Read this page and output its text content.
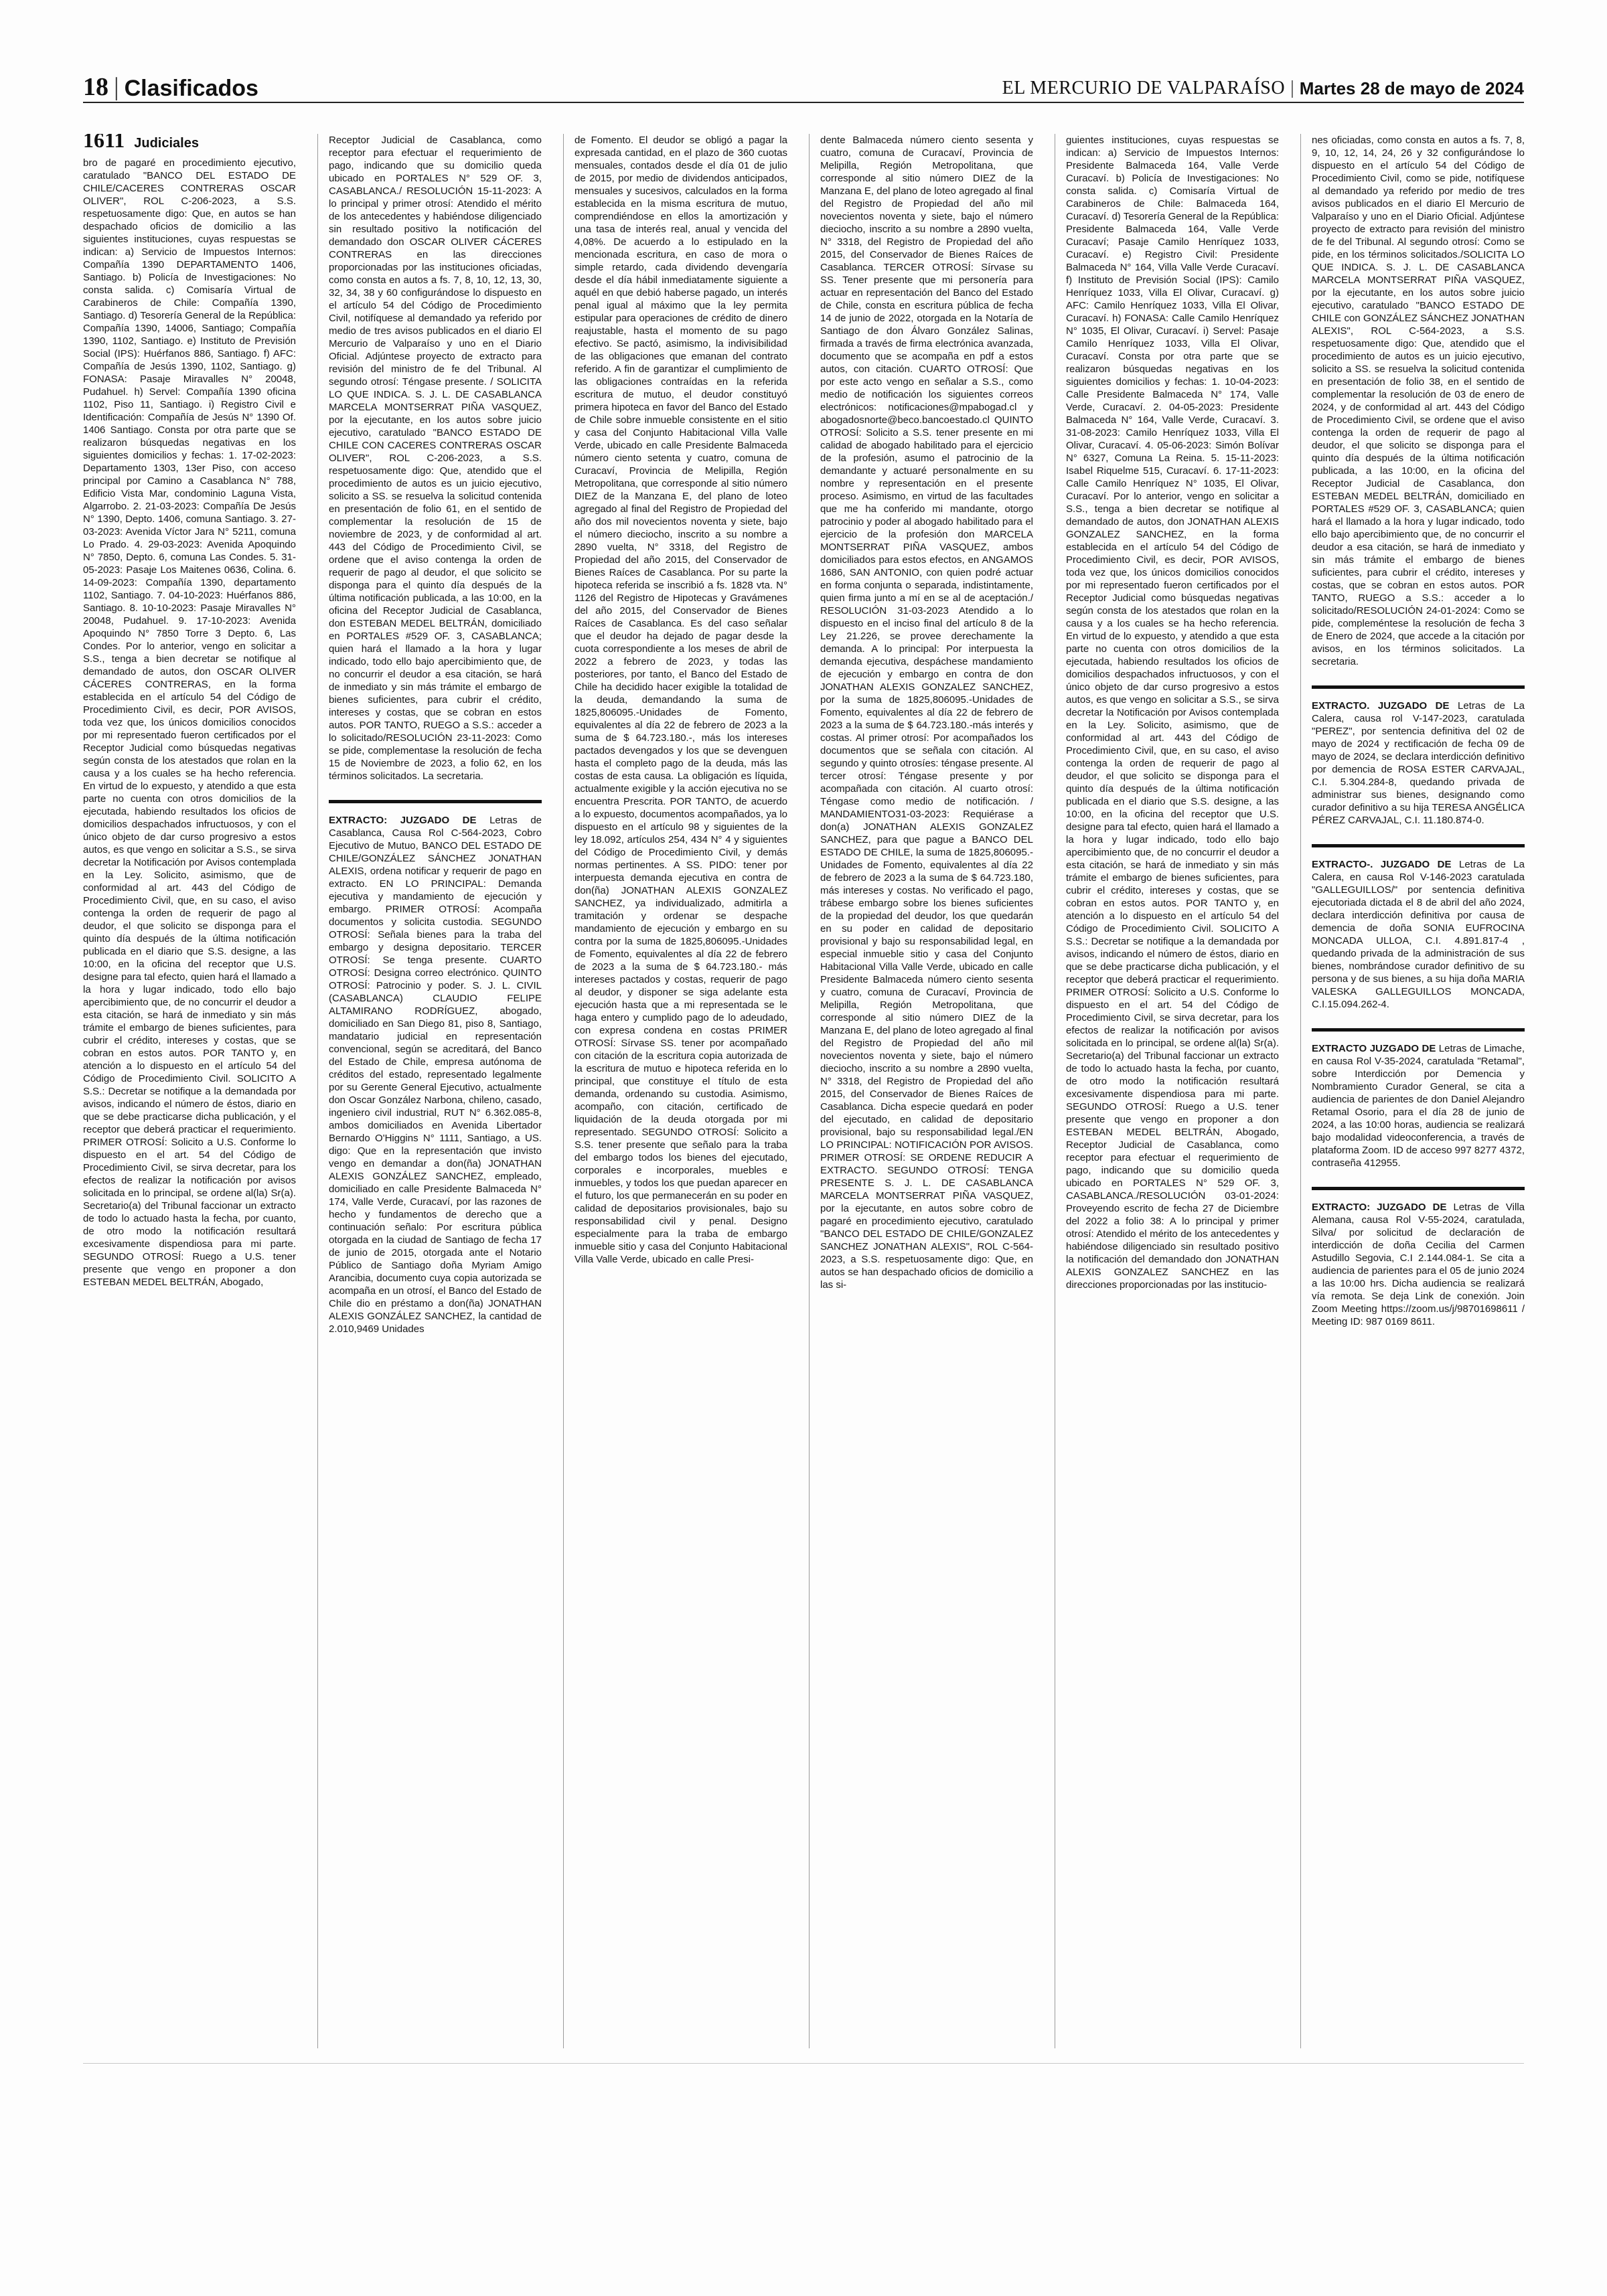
18 | Clasificados	EL MERCURIO DE VALPARAÍSO | Martes 28 de mayo de 2024
1611 Judiciales

bro de pagaré en procedimiento ejecutivo, caratulado "BANCO DEL ESTADO DE CHILE/CACERES CONTRERAS OSCAR OLIVER", ROL C-206-2023, a S.S. respetuosamente digo: Que, en autos se han despachado oficios de domicilio a las siguientes instituciones, cuyas respuestas se indican: a) Servicio de Impuestos Internos: Compañía 1390 DEPARTAMENTO 1406, Santiago. b) Policía de Investigaciones: No consta salida. c) Comisaría Virtual de Carabineros de Chile: Compañía 1390, Santiago. d) Tesorería General de la República: Compañía 1390, 14006, Santiago; Compañía 1390, 1102, Santiago. e) Instituto de Previsión Social (IPS): Huérfanos 886, Santiago. f) AFC: Compañía de Jesús 1390, 1102, Santiago. g) FONASA: Pasaje Miravalles N° 20048, Pudahuel. h) Servel: Compañía 1390 oficina 1102, Piso 11, Santiago. i) Registro Civil e Identificación: Compañía de Jesús N° 1390 Of. 1406 Santiago. Consta por otra parte que se realizaron búsquedas negativas en los siguientes domicilios y fechas: 1. 17-02-2023: Departamento 1303, 13er Piso, con acceso principal por Camino a Casablanca N° 788, Edificio Vista Mar, condominio Laguna Vista, Algarrobo. 2. 21-03-2023: Compañía De Jesús N° 1390, Depto. 1406, comuna Santiago. 3. 27-03-2023: Avenida Víctor Jara N° 5211, comuna Lo Prado. 4. 29-03-2023: Avenida Apoquindo N° 7850, Depto. 6, comuna Las Condes. 5. 31-05-2023: Pasaje Los Maitenes 0636, Colina. 6. 14-09-2023: Compañía 1390, departamento 1102, Santiago. 7. 04-10-2023: Huérfanos 886, Santiago. 8. 10-10-2023: Pasaje Miravalles N° 20048, Pudahuel. 9. 17-10-2023: Avenida Apoquindo N° 7850 Torre 3 Depto. 6, Las Condes. Por lo anterior, vengo en solicitar a S.S., tenga a bien decretar se notifique al demandado de autos, don OSCAR OLIVER CÁCERES CONTRERAS, en la forma establecida en el artículo 54 del Código de Procedimiento Civil, es decir, POR AVISOS, toda vez que, los únicos domicilios conocidos por mi representado fueron certificados por el Receptor Judicial como búsquedas negativas según consta de los atestados que rolan en la causa y a los cuales se ha hecho referencia. En virtud de lo expuesto, y atendido a que esta parte no cuenta con otros domicilios de la ejecutada, habiendo resultados los oficios de domicilios despachados infructuosos, y con el único objeto de dar curso progresivo a estos autos, es que vengo en solicitar a S.S., se sirva decretar la Notificación por Avisos contemplada en la Ley. Solicito, asimismo, que de conformidad al art. 443 del Código de Procedimiento Civil, que, en su caso, el aviso contenga la orden de requerir de pago al deudor, el que solicito se disponga para el quinto día después de la última notificación publicada en el diario que S.S. designe, a las 10:00, en la oficina del receptor que U.S. designe para tal efecto, quien hará el llamado a la hora y lugar indicado, todo ello bajo apercibimiento que, de no concurrir el deudor a esta citación, se hará de inmediato y sin más trámite el embargo de bienes suficientes, para cubrir el crédito, intereses y costas, que se cobran en estos autos. POR TANTO y, en atención a lo dispuesto en el artículo 54 del Código de Procedimiento Civil. SOLICITO A S.S.: Decretar se notifique a la demandada por avisos, indicando el número de éstos, diario en que se debe practicarse dicha publicación, y el receptor que deberá practicar el requerimiento. PRIMER OTROSÍ: Solicito a U.S. Conforme lo dispuesto en el art. 54 del Código de Procedimiento Civil, se sirva decretar, para los efectos de realizar la notificación por avisos solicitada en lo principal, se ordene al(la) Sr(a). Secretario(a) del Tribunal faccionar un extracto de todo lo actuado hasta la fecha, por cuanto, de otro modo la notificación resultará excesivamente dispendiosa para mi parte. SEGUNDO OTROSÍ: Ruego a U.S. tener presente que vengo en proponer a don ESTEBAN MEDEL BELTRÁN, Abogado,

Receptor Judicial de Casablanca, como receptor para efectuar el requerimiento de pago, indicando que su domicilio queda ubicado en PORTALES N° 529 OF. 3, CASABLANCA./ RESOLUCIÓN 15-11-2023: A lo principal y primer otrosí: Atendido el mérito de los antecedentes y habiéndose diligenciado sin resultado positivo la notificación del demandado don OSCAR OLIVER CÁCERES CONTRERAS en las direcciones proporcionadas por las instituciones oficiadas, como consta en autos a fs. 7, 8, 10, 12, 13, 30, 32, 34, 38 y 60 configurándose lo dispuesto en el artículo 54 del Código de Procedimiento Civil, notifíquese al demandado ya referido por medio de tres avisos publicados en el diario El Mercurio de Valparaíso y uno en el Diario Oficial. Adjúntese proyecto de extracto para revisión del ministro de fe del Tribunal. Al segundo otrosí: Téngase presente. / SOLICITA LO QUE INDICA. S. J. L. DE CASABLANCA MARCELA MONTSERRAT PIÑA VASQUEZ, por la ejecutante, en los autos sobre juicio ejecutivo, caratulado "BANCO ESTADO DE CHILE CON CACERES CONTRERAS OSCAR OLIVER", ROL C-206-2023, a S.S. respetuosamente digo: Que, atendido que el procedimiento de autos es un juicio ejecutivo, solicito a SS. se resuelva la solicitud contenida en presentación de folio 61, en el sentido de complementar la resolución de 15 de noviembre de 2023, y de conformidad al art. 443 del Código de Procedimiento Civil, se ordene que el aviso contenga la orden de requerir de pago al deudor, el que solicito se disponga para el quinto día después de la última notificación publicada, a las 10:00, en la oficina del Receptor Judicial de Casablanca, don ESTEBAN MEDEL BELTRÁN, domiciliado en PORTALES #529 OF. 3, CASABLANCA; quien hará el llamado a la hora y lugar indicado, todo ello bajo apercibimiento que, de no concurrir el deudor a esa citación, se hará de inmediato y sin más trámite el embargo de bienes suficientes, para cubrir el crédito, intereses y costas, que se cobran en estos autos. POR TANTO, RUEGO a S.S.: acceder a lo solicitado/RESOLUCIÓN 23-11-2023: Como se pide, complementase la resolución de fecha 15 de Noviembre de 2023, a folio 62, en los términos solicitados. La secretaria.

EXTRACTO: JUZGADO DE Letras de Casablanca, Causa Rol C-564-2023, Cobro Ejecutivo de Mutuo, BANCO DEL ESTADO DE CHILE/GONZÁLEZ SÁNCHEZ JONATHAN ALEXIS, ordena notificar y requerir de pago en extracto. EN LO PRINCIPAL: Demanda ejecutiva y mandamiento de ejecución y embargo. PRIMER OTROSÍ: Acompaña documentos y solicita custodia. SEGUNDO OTROSÍ: Señala bienes para la traba del embargo y designa depositario. TERCER OTROSÍ: Se tenga presente. CUARTO OTROSÍ: Designa correo electrónico. QUINTO OTROSÍ: Patrocinio y poder. S. J. L. CIVIL (CASABLANCA) CLAUDIO FELIPE ALTAMIRANO RODRÍGUEZ, abogado, domiciliado en San Diego 81, piso 8, Santiago, mandatario judicial en representación convencional, según se acreditará, del Banco del Estado de Chile, empresa autónoma de créditos del estado, representado legalmente por su Gerente General Ejecutivo, actualmente don Oscar González Narbona, chileno, casado, ingeniero civil industrial, RUT N° 6.362.085-8, ambos domiciliados en Avenida Libertador Bernardo O'Higgins N° 1111, Santiago, a US. digo: Que en la representación que invisto vengo en demandar a don(ña) JONATHAN ALEXIS GONZÁLEZ SANCHEZ, empleado, domiciliado en calle Presidente Balmaceda N° 174, Valle Verde, Curacaví, por las razones de hecho y fundamentos de derecho que a continuación señalo: Por escritura pública otorgada en la ciudad de Santiago de fecha 17 de junio de 2015, otorgada ante el Notario Público de Santiago doña Myriam Amigo Arancibia, documento cuya copia autorizada se acompaña en un otrosí, el Banco del Estado de Chile dio en préstamo a don(ña) JONATHAN ALEXIS GONZÁLEZ SANCHEZ, la cantidad de 2.010,9469 Unidades

de Fomento. El deudor se obligó a pagar la expresada cantidad, en el plazo de 360 cuotas mensuales, contados desde el día 01 de julio de 2015, por medio de dividendos anticipados, mensuales y sucesivos, calculados en la forma establecida en la misma escritura de mutuo, comprendiéndose en ellos la amortización y una tasa de interés real, anual y vencida del 4,08%. De acuerdo a lo estipulado en la mencionada escritura, en caso de mora o simple retardo, cada dividendo devengaría desde el día hábil inmediatamente siguiente a aquél en que debió haberse pagado, un interés penal igual al máximo que la ley permita estipular para operaciones de crédito de dinero reajustable, hasta el momento de su pago efectivo. Se pactó, asimismo, la indivisibilidad de las obligaciones que emanan del contrato referido. A fin de garantizar el cumplimiento de las obligaciones contraídas en la referida escritura de mutuo, el deudor constituyó primera hipoteca en favor del Banco del Estado de Chile sobre inmueble consistente en el sitio y casa del Conjunto Habitacional Villa Valle Verde, ubicado en calle Presidente Balmaceda número ciento setenta y cuatro, comuna de Curacaví, Provincia de Melipilla, Región Metropolitana, que corresponde al sitio número DIEZ de la Manzana E, del plano de loteo agregado al final del Registro de Propiedad del año dos mil novecientos noventa y siete, bajo el número dieciocho, inscrito a su nombre a 2890 vuelta, N° 3318, del Registro de Propiedad del año 2015, del Conservador de Bienes Raíces de Casablanca. Por su parte la hipoteca referida se inscribió a fs. 1828 vta. N° 1126 del Registro de Hipotecas y Gravámenes del año 2015, del Conservador de Bienes Raíces de Casablanca. Es del caso señalar que el deudor ha dejado de pagar desde la cuota correspondiente a los meses de abril de 2022 a febrero de 2023, y todas las posteriores, por tanto, el Banco del Estado de Chile ha decidido hacer exigible la totalidad de la deuda, demandando la suma de 1825,806095.-Unidades de Fomento, equivalentes al día 22 de febrero de 2023 a la suma de $ 64.723.180.-, más los intereses pactados devengados y los que se devenguen hasta el completo pago de la deuda, más las costas de esta causa. La obligación es líquida, actualmente exigible y la acción ejecutiva no se encuentra Prescrita. POR TANTO, de acuerdo a lo expuesto, documentos acompañados, ya lo dispuesto en el artículo 98 y siguientes de la ley 18.092, artículos 254, 434 N° 4 y siguientes del Código de Procedimiento Civil, y demás normas pertinentes. A SS. PIDO: tener por interpuesta demanda ejecutiva en contra de don(ña) JONATHAN ALEXIS GONZALEZ SANCHEZ, ya individualizado, admitirla a tramitación y ordenar se despache mandamiento de ejecución y embargo en su contra por la suma de 1825,806095.-Unidades de Fomento, equivalentes al día 22 de febrero de 2023 a la suma de $ 64.723.180.- más intereses pactados y costas, requerir de pago al deudor, y disponer se siga adelante esta ejecución hasta que a mi representada se le haga entero y cumplido pago de lo adeudado, con expresa condena en costas PRIMER OTROSÍ: Sírvase SS. tener por acompañado con citación de la escritura copia autorizada de la escritura de mutuo e hipoteca referida en lo principal, que constituye el título de esta demanda, ordenando su custodia. Asimismo, acompaño, con citación, certificado de liquidación de la deuda otorgada por mi representado. SEGUNDO OTROSÍ: Solicito a S.S. tener presente que señalo para la traba del embargo todos los bienes del ejecutado, corporales e incorporales, muebles e inmuebles, y todos los que puedan aparecer en el futuro, los que permanecerán en su poder en calidad de depositarios provisionales, bajo su responsabilidad civil y penal. Designo especialmente para la traba de embargo inmueble sitio y casa del Conjunto Habitacional Villa Valle Verde, ubicado en calle Presi-

dente Balmaceda número ciento sesenta y cuatro, comuna de Curacaví, Provincia de Melipilla, Región Metropolitana, que corresponde al sitio número DIEZ de la Manzana E, del plano de loteo agregado al final del Registro de Propiedad del año mil novecientos noventa y siete, bajo el número dieciocho, inscrito a su nombre a 2890 vuelta, N° 3318, del Registro de Propiedad del año 2015, del Conservador de Bienes Raíces de Casablanca. TERCER OTROSÍ: Sírvase su SS. Tener presente que mi personería para actuar en representación del Banco del Estado de Chile, consta en escritura pública de fecha 14 de junio de 2022, otorgada en la Notaría de Santiago de don Álvaro González Salinas, firmada a través de firma electrónica avanzada, documento que se acompaña en pdf a estos autos, con citación. CUARTO OTROSÍ: Que por este acto vengo en señalar a S.S., como medio de notificación los siguientes correos electrónicos: notificaciones@mpabogad.cl y abogadosnorte@beco.bancoestado.cl QUINTO OTROSÍ: Solicito a S.S. tener presente en mi calidad de abogado habilitado para el ejercicio de la profesión, asumo el patrocinio de la demandante y actuaré personalmente en su nombre y representación en el presente proceso. Asimismo, en virtud de las facultades que me ha conferido mi mandante, otorgo patrocinio y poder al abogado habilitado para el ejercicio de la profesión don MARCELA MONTSERRAT PIÑA VASQUEZ, ambos domiciliados para estos efectos, en ANGAMOS 1686, SAN ANTONIO, con quien podré actuar en forma conjunta o separada, indistintamente, quien firma junto a mí en se al de aceptación./ RESOLUCIÓN 31-03-2023 Atendido a lo dispuesto en el inciso final del artículo 8 de la Ley 21.226, se provee derechamente la demanda. A lo principal: Por interpuesta la demanda ejecutiva, despáchese mandamiento de ejecución y embargo en contra de don JONATHAN ALEXIS GONZALEZ SANCHEZ, por la suma de 1825,806095.-Unidades de Fomento, equivalentes al día 22 de febrero de 2023 a la suma de $ 64.723.180.-más interés y costas. Al primer otrosí: Por acompañados los documentos que se señala con citación. Al segundo y quinto otrosíes: téngase presente. Al tercer otrosí: Téngase presente y por acompañada con citación. Al cuarto otrosí: Téngase como medio de notificación. / MANDAMIENTO31-03-2023: Requiérase a don(a) JONATHAN ALEXIS GONZALEZ SANCHEZ, para que pague a BANCO DEL ESTADO DE CHILE, la suma de 1825,806095.-Unidades de Fomento, equivalentes al día 22 de febrero de 2023 a la suma de $ 64.723.180, más intereses y costas. No verificado el pago, trábese embargo sobre los bienes suficientes de la propiedad del deudor, los que quedarán en su poder en calidad de depositario provisional y bajo su responsabilidad legal, en especial inmueble sitio y casa del Conjunto Habitacional Villa Valle Verde, ubicado en calle Presidente Balmaceda número ciento sesenta y cuatro, comuna de Curacaví, Provincia de Melipilla, Región Metropolitana, que corresponde al sitio número DIEZ de la Manzana E, del plano de loteo agregado al final del Registro de Propiedad del año mil novecientos noventa y siete, bajo el número dieciocho, inscrito a su nombre a 2890 vuelta, N° 3318, del Registro de Propiedad del año 2015, del Conservador de Bienes Raíces de Casablanca. Dicha especie quedará en poder del ejecutado, en calidad de depositario provisional, bajo su responsabilidad legal./EN LO PRINCIPAL: NOTIFICACIÓN POR AVISOS. PRIMER OTROSÍ: SE ORDENE REDUCIR A EXTRACTO. SEGUNDO OTROSÍ: TENGA PRESENTE S. J. L. DE CASABLANCA MARCELA MONTSERRAT PIÑA VASQUEZ, por la ejecutante, en autos sobre cobro de pagaré en procedimiento ejecutivo, caratulado "BANCO DEL ESTADO DE CHILE/GONZALEZ SANCHEZ JONATHAN ALEXIS", ROL C-564-2023, a S.S. respetuosamente digo: Que, en autos se han despachado oficios de domicilio a las si-

guientes instituciones, cuyas respuestas se indican: a) Servicio de Impuestos Internos: Presidente Balmaceda 164, Valle Verde Curacaví. b) Policía de Investigaciones: No consta salida. c) Comisaría Virtual de Carabineros de Chile: Balmaceda 164, Curacaví. d) Tesorería General de la República: Presidente Balmaceda 164, Valle Verde Curacaví; Pasaje Camilo Henríquez 1033, Curacaví. e) Registro Civil: Presidente Balmaceda N° 164, Villa Valle Verde Curacaví. f) Instituto de Previsión Social (IPS): Camilo Henríquez 1033, Villa El Olivar, Curacaví. g) AFC: Camilo Henríquez 1033, Villa El Olivar, Curacaví. h) FONASA: Calle Camilo Henríquez N° 1035, El Olivar, Curacaví. i) Servel: Pasaje Camilo Henríquez 1033, Villa El Olivar, Curacaví. Consta por otra parte que se realizaron búsquedas negativas en los siguientes domicilios y fechas: 1. 10-04-2023: Calle Presidente Balmaceda N° 174, Valle Verde, Curacaví. 2. 04-05-2023: Presidente Balmaceda N° 164, Valle Verde, Curacaví. 3. 31-08-2023: Camilo Henríquez 1033, Villa El Olivar, Curacaví. 4. 05-06-2023: Simón Bolívar N° 6327, Comuna La Reina. 5. 15-11-2023: Isabel Riquelme 515, Curacaví. 6. 17-11-2023: Calle Camilo Henríquez N° 1035, El Olivar, Curacaví. Por lo anterior, vengo en solicitar a S.S., tenga a bien decretar se notifique al demandado de autos, don JONATHAN ALEXIS GONZALEZ SANCHEZ, en la forma establecida en el artículo 54 del Código de Procedimiento Civil, es decir, POR AVISOS, toda vez que, los únicos domicilios conocidos por mi representado fueron certificados por el Receptor Judicial como búsquedas negativas según consta de los atestados que rolan en la causa y a los cuales se ha hecho referencia. En virtud de lo expuesto, y atendido a que esta parte no cuenta con otros domicilios de la ejecutada, habiendo resultados los oficios de domicilios despachados infructuosos, y con el único objeto de dar curso progresivo a estos autos, es que vengo en solicitar a S.S., se sirva decretar la Notificación por Avisos contemplada en la Ley. Solicito, asimismo, que de conformidad al art. 443 del Código de Procedimiento Civil, que, en su caso, el aviso contenga la orden de requerir de pago al deudor, el que solicito se disponga para el quinto día después de la última notificación publicada en el diario que S.S. designe, a las 10:00, en la oficina del receptor que U.S. designe para tal efecto, quien hará el llamado a la hora y lugar indicado, todo ello bajo apercibimiento que, de no concurrir el deudor a esta citación, se hará de inmediato y sin más trámite el embargo de bienes suficientes, para cubrir el crédito, intereses y costas, que se cobran en estos autos. POR TANTO y, en atención a lo dispuesto en el artículo 54 del Código de Procedimiento Civil. SOLICITO A S.S.: Decretar se notifique a la demandada por avisos, indicando el número de éstos, diario en que se debe practicarse dicha publicación, y el receptor que deberá practicar el requerimiento. PRIMER OTROSÍ: Solicito a U.S. Conforme lo dispuesto en el art. 54 del Código de Procedimiento Civil, se sirva decretar, para los efectos de realizar la notificación por avisos solicitada en lo principal, se ordene al(la) Sr(a). Secretario(a) del Tribunal faccionar un extracto de todo lo actuado hasta la fecha, por cuanto, de otro modo la notificación resultará excesivamente dispendiosa para mi parte. SEGUNDO OTROSÍ: Ruego a U.S. tener presente que vengo en proponer a don ESTEBAN MEDEL BELTRÁN, Abogado, Receptor Judicial de Casablanca, como receptor para efectuar el requerimiento de pago, indicando que su domicilio queda ubicado en PORTALES N° 529 OF. 3, CASABLANCA./RESOLUCIÓN 03-01-2024: Proveyendo escrito de fecha 27 de Diciembre del 2022 a folio 38: A lo principal y primer otrosí: Atendido el mérito de los antecedentes y habiéndose diligenciado sin resultado positivo la notificación del demandado don JONATHAN ALEXIS GONZALEZ SANCHEZ en las direcciones proporcionadas por las institucio-

nes oficiadas, como consta en autos a fs. 7, 8, 9, 10, 12, 14, 24, 26 y 32 configurándose lo dispuesto en el artículo 54 del Código de Procedimiento Civil, como se pide, notifíquese al demandado ya referido por medio de tres avisos publicados en el diario El Mercurio de Valparaíso y uno en el Diario Oficial. Adjúntese proyecto de extracto para revisión del ministro de fe del Tribunal. Al segundo otrosí: Como se pide, en los términos solicitados./SOLICITA LO QUE INDICA. S. J. L. DE CASABLANCA MARCELA MONTSERRAT PIÑA VASQUEZ, por la ejecutante, en los autos sobre juicio ejecutivo, caratulado "BANCO ESTADO DE CHILE con GONZÁLEZ SÁNCHEZ JONATHAN ALEXIS", ROL C-564-2023, a S.S. respetuosamente digo: Que, atendido que el procedimiento de autos es un juicio ejecutivo, solicito a SS. se resuelva la solicitud contenida en presentación de folio 38, en el sentido de complementar la resolución de 03 de enero de 2024, y de conformidad al art. 443 del Código de Procedimiento Civil, se ordene que el aviso contenga la orden de requerir de pago al deudor, el que solicito se disponga para el quinto día después de la última notificación publicada, a las 10:00, en la oficina del Receptor Judicial de Casablanca, don ESTEBAN MEDEL BELTRÁN, domiciliado en PORTALES #529 OF. 3, CASABLANCA; quien hará el llamado a la hora y lugar indicado, todo ello bajo apercibimiento que, de no concurrir el deudor a esa citación, se hará de inmediato y sin más trámite el embargo de bienes suficientes, para cubrir el crédito, intereses y costas, que se cobran en estos autos. POR TANTO, RUEGO a S.S.: acceder a lo solicitado/RESOLUCIÓN 24-01-2024: Como se pide, compleméntese la resolución de fecha 3 de Enero de 2024, que accede a la citación por avisos, en los términos solicitados. La secretaria.

EXTRACTO. JUZGADO DE Letras de La Calera, causa rol V-147-2023, caratulada "PEREZ", por sentencia definitiva del 02 de mayo de 2024 y rectificación de fecha 09 de mayo de 2024, se declara interdicción definitivo por demencia de ROSA ESTER CARVAJAL, C.I. 5.304.284-8, quedando privada de administrar sus bienes, designando como curador definitivo a su hija TERESA ANGÉLICA PÉREZ CARVAJAL, C.I. 11.180.874-0.
EXTRACTO-. JUZGADO DE Letras de La Calera, en causa Rol V-146-2023 caratulada "GALLEGUILLOS/" por sentencia definitiva ejecutoriada dictada el 8 de abril del año 2024, declara interdicción definitiva por causa de demencia de doña SONIA EUFROCINA MONCADA ULLOA, C.I. 4.891.817-4 , quedando privada de la administración de sus bienes, nombrándose curador definitivo de su persona y de sus bienes, a su hija doña MARIA VALESKA GALLEGUILLOS MONCADA, C.I.15.094.262-4.
EXTRACTO JUZGADO DE Letras de Limache, en causa Rol V-35-2024, caratulada "Retamal", sobre Interdicción por Demencia y Nombramiento Curador General, se cita a audiencia de parientes de don Daniel Alejandro Retamal Osorio, para el día 28 de junio de 2024, a las 10:00 horas, audiencia se realizará bajo modalidad videoconferencia, a través de plataforma Zoom. ID de acceso 997 8277 4372, contraseña 412955.
EXTRACTO: JUZGADO DE Letras de Villa Alemana, causa Rol V-55-2024, caratulada, Silva/ por solicitud de declaración de interdicción de doña Cecilia del Carmen Astudillo Segovia, C.I 2.144.084-1. Se cita a audiencia de parientes para el 05 de junio 2024 a las 10:00 hrs. Dicha audiencia se realizará vía remota. Se deja Link de conexión. Join Zoom Meeting https://zoom.us/j/98701698611 / Meeting ID: 987 0169 8611.
